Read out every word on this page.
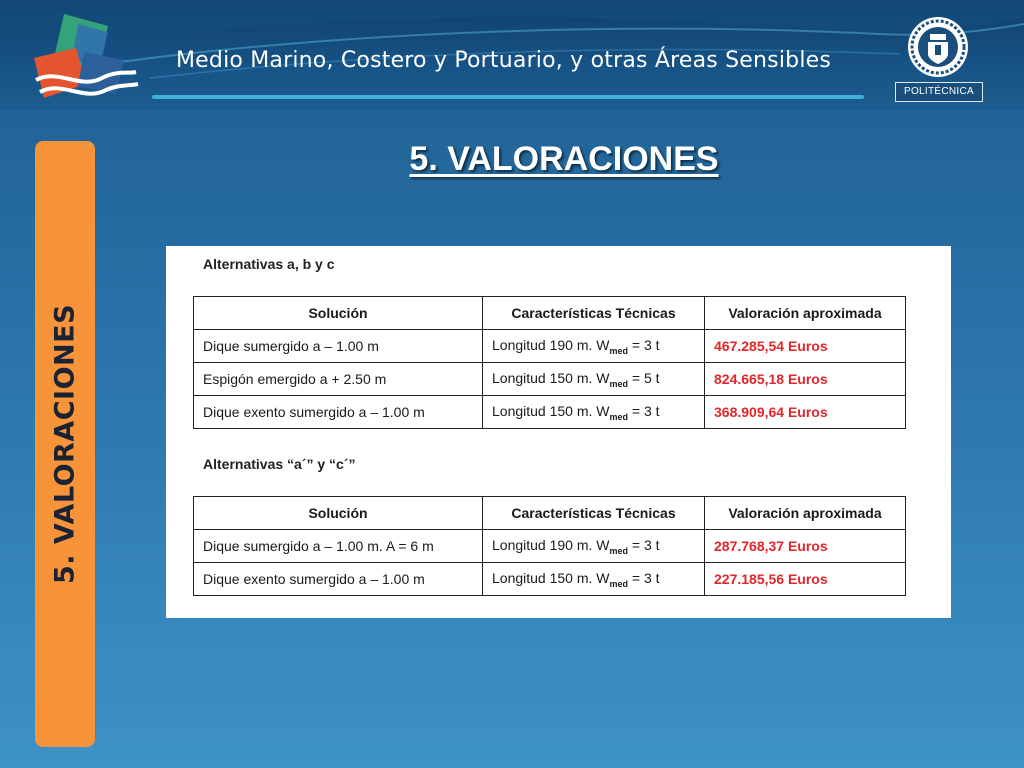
Medio Marino, Costero y Portuario, y otras Áreas Sensibles
POLITÉCNICA
5. VALORACIONES
5. VALORACIONES

Alternativas a, b y c

Solución	Características Técnicas	Valoración aproximada
Dique sumergido a – 1.00 m	Longitud 190 m. $W_{med} = 3$ t	467.285,54 Euros
Espigón emergido a + 2.50 m	Longitud 150 m. $W_{med} = 5$ t	824.665,18 Euros
Dique exento sumergido a – 1.00 m	Longitud 150 m. $W_{med} = 3$ t	368.909,64 Euros

Alternativas “a´” y “c´”

Solución	Características Técnicas	Valoración aproximada
Dique sumergido a – 1.00 m. A = 6 m	Longitud 190 m. $W_{med} = 3$ t	287.768,37 Euros
Dique exento sumergido a – 1.00 m	Longitud 150 m. $W_{med} = 3$ t	227.185,56 Euros
